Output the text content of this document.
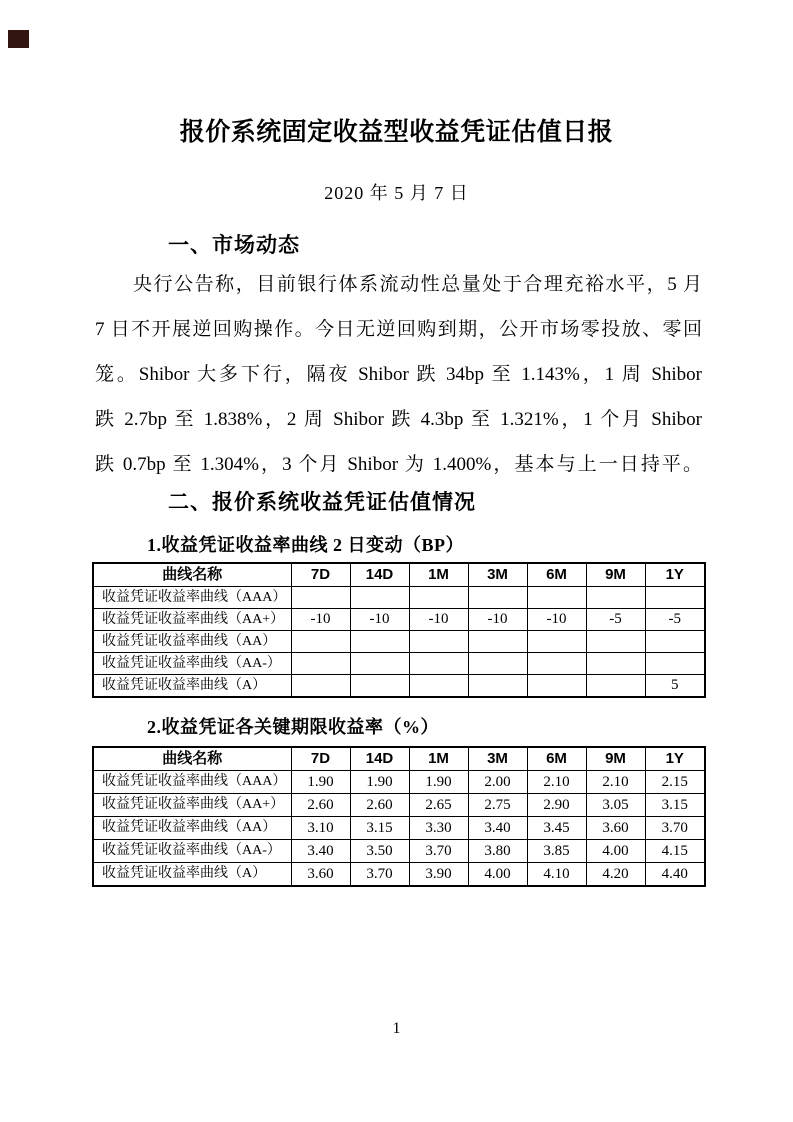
报价系统固定收益型收益凭证估值日报
2020 年 5 月 7 日
一、市场动态
央行公告称，目前银行体系流动性总量处于合理充裕水平，5 月
7 日不开展逆回购操作。今日无逆回购到期，公开市场零投放、零回
笼。Shibor 大多下行，隔夜 Shibor 跌 34bp 至 1.143%，1 周 Shibor
跌 2.7bp 至 1.838%，2 周 Shibor 跌 4.3bp 至 1.321%，1 个月 Shibor
跌 0.7bp 至 1.304%，3 个月 Shibor 为 1.400%，基本与上一日持平。
二、报价系统收益凭证估值情况
1.收益凭证收益率曲线 2 日变动（BP）
曲线名称	7D	14D	1M	3M	6M	9M	1Y
收益凭证收益率曲线（AAA）							
收益凭证收益率曲线（AA+）	-10	-10	-10	-10	-10	-5	-5
收益凭证收益率曲线（AA）							
收益凭证收益率曲线（AA-）							
收益凭证收益率曲线（A）							5
2.收益凭证各关键期限收益率（%）
曲线名称	7D	14D	1M	3M	6M	9M	1Y
收益凭证收益率曲线（AAA）	1.90	1.90	1.90	2.00	2.10	2.10	2.15
收益凭证收益率曲线（AA+）	2.60	2.60	2.65	2.75	2.90	3.05	3.15
收益凭证收益率曲线（AA）	3.10	3.15	3.30	3.40	3.45	3.60	3.70
收益凭证收益率曲线（AA-）	3.40	3.50	3.70	3.80	3.85	4.00	4.15
收益凭证收益率曲线（A）	3.60	3.70	3.90	4.00	4.10	4.20	4.40
1
